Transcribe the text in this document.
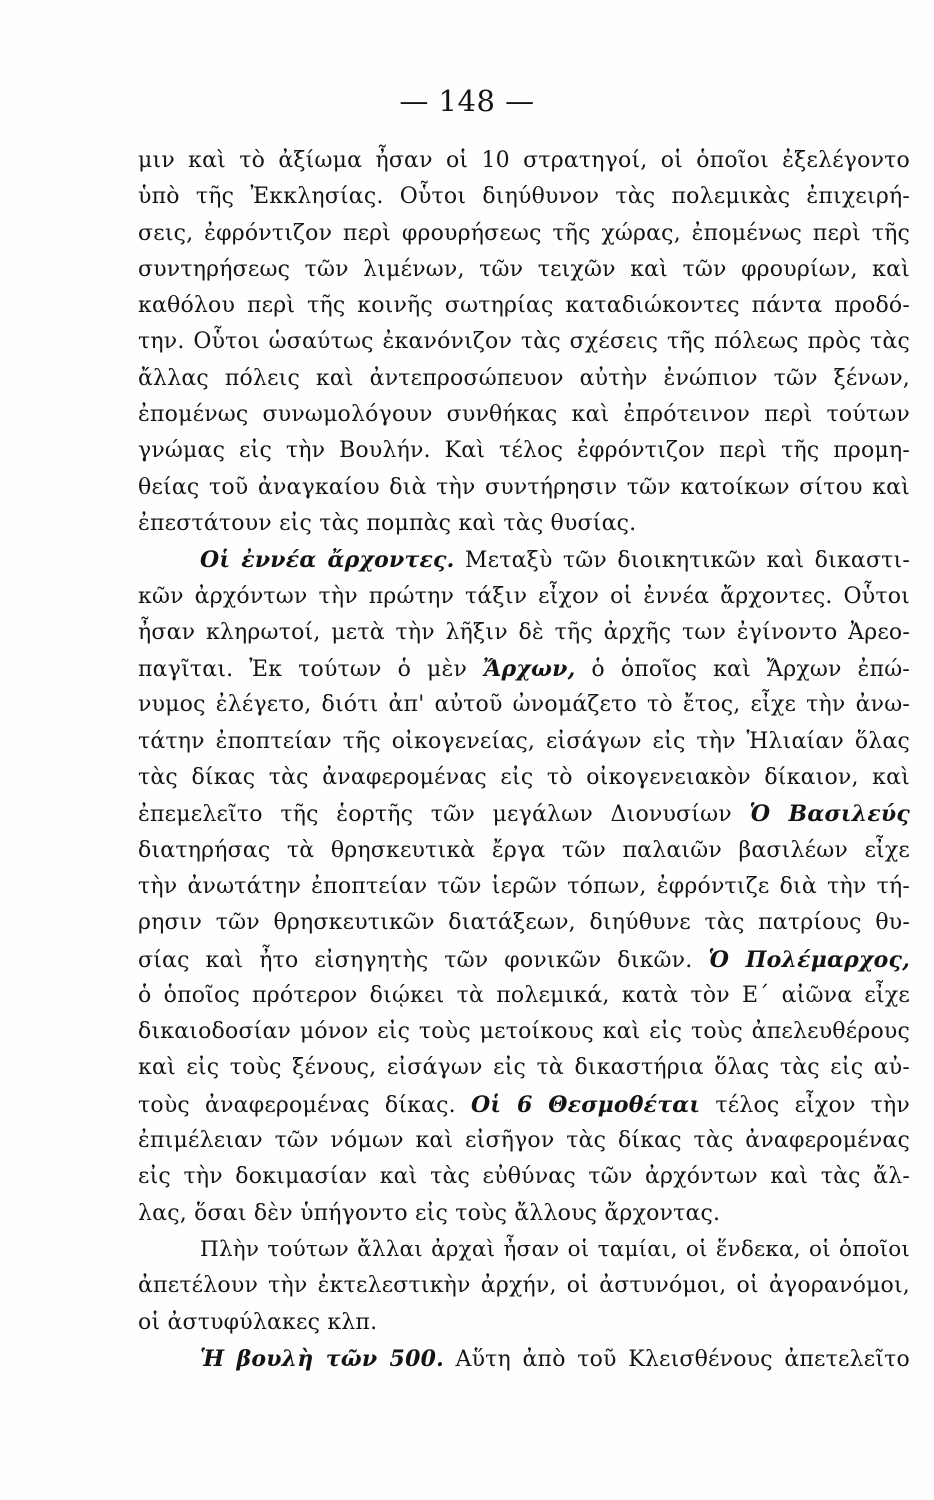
— 148 —
μιν καὶ τὸ ἀξίωμα ἦσαν οἱ 10 στρατηγοί, οἱ ὁποῖοι ἐξελέγοντο
ὑπὸ τῆς Ἐκκλησίας. Οὗτοι διηύθυνον τὰς πολεμικὰς ἐπιχειρή-
σεις, ἐφρόντιζον περὶ φρουρήσεως τῆς χώρας, ἐπομένως περὶ τῆς
συντηρήσεως τῶν λιμένων, τῶν τειχῶν καὶ τῶν φρουρίων, καὶ
καθόλου περὶ τῆς κοινῆς σωτηρίας καταδιώκοντες πάντα προδό-
την. Οὗτοι ὡσαύτως ἐκανόνιζον τὰς σχέσεις τῆς πόλεως πρὸς τὰς
ἄλλας πόλεις καὶ ἀντεπροσώπευον αὐτὴν ἐνώπιον τῶν ξένων,
ἐπομένως συνωμολόγουν συνθήκας καὶ ἐπρότεινον περὶ τούτων
γνώμας εἰς τὴν Βουλήν. Καὶ τέλος ἐφρόντιζον περὶ τῆς προμη-
θείας τοῦ ἀναγκαίου διὰ τὴν συντήρησιν τῶν κατοίκων σίτου καὶ
ἐπεστάτουν εἰς τὰς πομπὰς καὶ τὰς θυσίας.
Οἱ ἐννέα ἄρχοντες. Μεταξὺ τῶν διοικητικῶν καὶ δικαστι-
κῶν ἀρχόντων τὴν πρώτην τάξιν εἶχον οἱ ἐννέα ἄρχοντες. Οὗτοι
ἦσαν κληρωτοί, μετὰ τὴν λῆξιν δὲ τῆς ἀρχῆς των ἐγίνοντο Ἀρεο-
παγῖται. Ἐκ τούτων ὁ μὲν Ἄρχων, ὁ ὁποῖος καὶ Ἄρχων ἐπώ-
νυμος ἐλέγετο, διότι ἀπ' αὐτοῦ ὠνομάζετο τὸ ἔτος, εἶχε τὴν ἀνω-
τάτην ἐποπτείαν τῆς οἰκογενείας, εἰσάγων εἰς τὴν Ἡλιαίαν ὅλας
τὰς δίκας τὰς ἀναφερομένας εἰς τὸ οἰκογενειακὸν δίκαιον, καὶ
ἐπεμελεῖτο τῆς ἑορτῆς τῶν μεγάλων Διονυσίων Ὁ Βασιλεύς
διατηρήσας τὰ θρησκευτικὰ ἔργα τῶν παλαιῶν βασιλέων εἶχε
τὴν ἀνωτάτην ἐποπτείαν τῶν ἱερῶν τόπων, ἐφρόντιζε διὰ τὴν τή-
ρησιν τῶν θρησκευτικῶν διατάξεων, διηύθυνε τὰς πατρίους θυ-
σίας καὶ ἦτο εἰσηγητὴς τῶν φονικῶν δικῶν. Ὁ Πολέμαρχος,
ὁ ὁποῖος πρότερον διῴκει τὰ πολεμικά, κατὰ τὸν Ε΄ αἰῶνα εἶχε
δικαιοδοσίαν μόνον εἰς τοὺς μετοίκους καὶ εἰς τοὺς ἀπελευθέρους
καὶ εἰς τοὺς ξένους, εἰσάγων εἰς τὰ δικαστήρια ὅλας τὰς εἰς αὐ-
τοὺς ἀναφερομένας δίκας. Οἱ 6 Θεσμοθέται τέλος εἶχον τὴν
ἐπιμέλειαν τῶν νόμων καὶ εἰσῆγον τὰς δίκας τὰς ἀναφερομένας
εἰς τὴν δοκιμασίαν καὶ τὰς εὐθύνας τῶν ἀρχόντων καὶ τὰς ἄλ-
λας, ὅσαι δὲν ὑπήγοντο εἰς τοὺς ἄλλους ἄρχοντας.
Πλὴν τούτων ἄλλαι ἀρχαὶ ἦσαν οἱ ταμίαι, οἱ ἕνδεκα, οἱ ὁποῖοι
ἀπετέλουν τὴν ἐκτελεστικὴν ἀρχήν, οἱ ἀστυνόμοι, οἱ ἀγορανόμοι,
οἱ ἀστυφύλακες κλπ.
Ἡ βουλὴ τῶν 500. Αὕτη ἀπὸ τοῦ Κλεισθένους ἀπετελεῖτο
